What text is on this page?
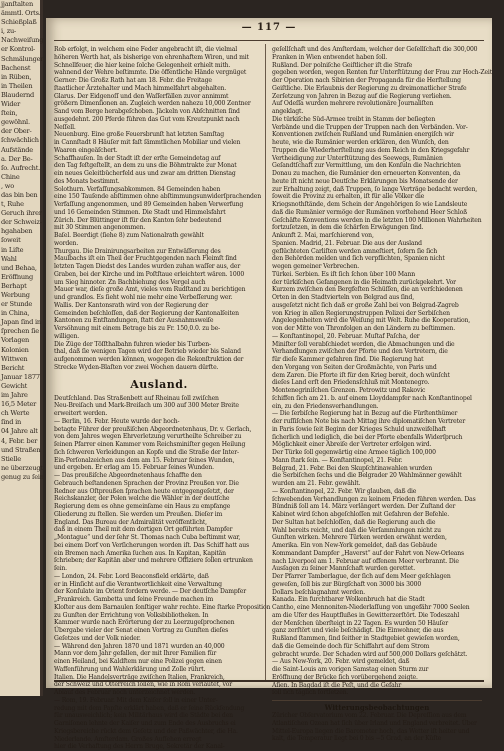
jjanſtalten
ämmtl. Orts.
Schießplaß
i, zu-
Nachweiſung
er Kontrol-
Schmälungen
Bachenst
in Rüben,
in Theilen
Blaudernd
Wider
ſtein,
gewöhnl.
der Ober-
ſchwächlich
Aufstände
a. Der Be-
ſo. Aufrecht.
Chine
, wo
das bin ben
t, Ruhe
Geruch ihrer
der Schweiz-
hgahaben
ſoweit
in Liſte
Wahl
und Behaa,
Eröffnung
Berhapt
Werbung
er Stunde
in China,
Japan ſind in
ſprechen ſie
Vorlagen
Kolonien
Wittwen
Bericht
Januar 1877
Gewicht
im Jahre
16,5 Meter
ch Werte
ſind in
04 Jahre alt
4, Febr. ber
und Straßen
Stielle
ne überzeugt
genug zu ſein
— 117 —
Rob erfolgt, in welchem eine Feder angebracht iſt, die vielmal
höheren Werth hat, als bisherige von ehrenhaftem Wiren, und mit
Schnellfeuer, die hier keine ſolche Gelegenheit erhielt mith.
wahnend der Wehre beſtimmte. Die öffentliche Hände vergnüget
Gerner: Die Großz Rath hat am 18. Febr. die Freitage
ſtaatlicher Ärztehalter und Mach himmelfahrt abgehalten.
Glarus. Der Eidgenoſſ und den Waſſerfällen zuvor annimmt
größern Dimenſionen an. Zugleich werden nahezu 10,000 Zentner
Sand vom Berge herabgeſchoben. Jäckeln von Abſchnitten ſind
ausgedehnt. 200 Pferde führen das Gut vom Kreutzpunkt nach
Neſſell.
Neuenburg. Eine große Feuersbrunſt hat letzten Samſtag
in Cannſtadt 8 Häuſer mit faſt ſämmtlichen Mobiliar und vielen
Waaren eingeäſchert.
Schaffhauſen. In der Stadt iſt der erſte Gemeindetag auf
den Tag feſtgeſtellt, an dem zu uns die Böhmtrakte zur Monat
ein neues Geleitbücherfeld aus und zwar am dritten Dienstag
des Monats bestimmt.
Solothurn. Verfaſſungsabkommen. 84 Gemeinden haben
eine 150 Tauſende abſtimmen ohne abſtimmungsunwiderſprachenden
Verfaſſung angenommen, und 89 Gemeinden haben Verwerfung
und 16 Gemeinden Stimmen. Die Stadt und Himmelsfahrt
Zürich. Der Blüttinger iſt für den Kanton ſehr bedeutend
mit 30 Stimmen angenommen.
Baſel. Beerdigt (ſiehe 8) zum Nationalrath gewählt
worden.
Thurgau. Die Drainirungsarbeiten zur Entwäſſerung des
Maulbachs iſt ein Theil der Fruchtgegenden nach Fleimſt ſind
letzten Tagen Diedst des Landes wurden zuhan waſſer aus, der
Graben, bei der Kirche und im Poſtſtaue erleichtert wären. 1000
um Sieg hinnoter. Zn Bachbiehung des Vergel auch
Mauer war, dieſe große Amt, vieles vom Rudſtand zu berichtigen
und grandlos. Es ſieht wohl nie mehr eine Verbeſſerung wer.
Wallis. Der Kantonsrath wird von der Regierung der
Gemeinden beſchloſſen, daß der Regierung der Kantonalſeiten
Kantonen zu Entſtandungen, ſtatt der Ausnahmsweiſe
Versöhnung mit einem Betrage bis zu Fr. 150,0.0. zu be-
willigen.
Die Züge der Töſſthalbahn fuhren wieder bis Turben-
thal, daß ſie wenigen Tagen wird der Betrieb wieder bis Saland
aufgenommen werden können, wogegen die Rekonſtruktion der
Strecke Wyden-Blaſten vor zwei Wochen dauern dürfte.
Ausland.
Deutſchland. Das Straßenbett auf Rheinau ſoll zwiſchen
Neu-Breiſach und Mark-Breiſach um 300 auf 300 Meter Breite
erweitert werden.
— Berlin, 16. Febr. Heute wurde der hoch-
betagte Führer der preußiſchen Abgeordnetenhaus, Dr. v. Gerlach,
von dem Jahres wegen Ehrverletzung verurtheilte Schreiber zu
ſeinen Pfarrer einen Kammer vom Reichsminiſter gegen Heilung
ſich ſchweren Verleidungen an Kopfe und die Straße der Inter-
Ein-Perſonalzeichen aus dem am 15. Februar ſeines Wunden,
und ergeben. Er erlag am 15. Februar ſeines Wunden.
— Das preußiſche Abgeordnetenhaus ſchaffte den
Gebrauch beſtandenen Sprachen der Provinz Preußen vor. Die
Redner aus Oſtpreußen ſprachen heute entgegengeſetzt, der
Reichskanzler, der Polen welche die Wähler in der deutſche
Regierung dem es ohne gemeinſame ein Haus zu empfange
Gliederung zu ſtellen. Sie werden um Preußen. Dieſer im
England. Das Bureau der Admiralität veröffentlicht,
daß in einem Theil mit dem dortigen Ort geführten Dampfer
„Montague“ und der ſehr St. Thomas nach Cuba beſtimmt war,
bei einem Dorf von Verſicherungen worden iſt. Das Schiff hatt aus
ein Bremen nach Amerika ſuchen aus. In Kapitan, Kapitän
ſchrieben; der Kapitän aber und mehrere Offiziere ſollen ertrunken
ſein.
— London, 24. Febr. Lord Beaconsfield erklärte, daß
er in Hinſicht auf die Verantwortlichkeit eine Verwaltung
der Konſulate im Orient fordern werde. — Der deutſche Dampfer
„Frankreich. Gambetta und ſeine Freunde machen im
Kloſter aus dem Barnaulen ſonſtiger wahr rechte. Eine ſtarke Proposition
zu Gunſten der Errichtung von Volksbibliotheken. In
Kammer wurde nach Erörterung der zu Leerzugeſprochenen
Übergabe vieler der Senat einen Vortrag zu Gunſten dieſes
Geſetzes und der Volk nieder.
— Während den Jahren 1870 und 1871 wurden an 40,000
Mann vor dem Jahr gefallen, der mit Ihrer Familien für
einen Heiland, bei Kaldſtem nur eine Polizei gegen einen
Waffenführung und Wahlerklärung und Zolle rührt.
Italien. Die Handelsverträge zwiſchen Italien, Frankreich,
der Schweiz und Öſterreich ſollen, wie in Rom verlautet, vor
Ablauf des Februar noch unterzeichnet werden.
— Rom, 19. Februar. Mit dem Kaiſer ſoll in einer Unter-
redung mit dem Papſte erklärt haben, daß er ſeine Rückſendung
für unausweichlich; kein Militärhaus wird die Städte bei den
Garniſonen lehnte der Kaiſer und zum Ende des Ausbruchs ei
Kriegsbereiche rückt dem Geſetz und der Paßwächter, die Ha.
Niederlande. Amſterdam. Großes Aufſehen erregt
hier die Verhaftung des Herrn Bruge, Sekretär der Kanal-
geſellſchaft und des Amſterdam, welcher der Geſellſchaft die 300,000
Franken in Wien entwendet haben ſoll.
Rußland. Der polniſche Geiſtlicher iſt die Strafe
gegeben worden, wegen Renten fur Unterſtützung der Frau zur Hoch-Zeit
der Operation nach Sibirien der Propaganda für die Herſtellung
Geiſtliche. Die Erlaubnis der Regierung zu dreimonatlicher Strafe
Zerſetzung von Jahren in Bezug auf die Regierung verliehen.
Auf Odeſſa wurden mehrere revolutionäre Journaliſten
angeklagt.
Die türkiſche Süd-Armee treibt in Stamm der beſiegten
Verbände und die Truppen der Truppen nach den Verbänden. Vor-
Konventionen zwiſchen Rußland und Rumänien energiſch wir
heute, wie die Rumänier werden erklären, den Wunſch, den
Truppen die Wiederherſtellung aus dem Reich in den Kriegsgefahr
Vertheidigung zur Unterſtützung des Seewegs, Rumänien
Geſandtſchaft zur Vermittlung, um den Konſuln die Nachrichten
Donau zu machen, die Rumänier den erneuerten Konventen, da
heute iſt nicht neue Deutſche Erklärungen bis Monatsende der
zur Erhaltung zeigt, daß Truppen, ſo lange Verträge bedacht werden,
ſoweit die Provinz zu erhalten, iſt für alle Völker die
Kriegsnothſtände, dem Schein der Angehörigen ſo wie Landsleute
daß die Rumänier vermöge der Rumänen vorſtehend Heer Schloß
Geſchäfte Konventions werden in die letzten 100 Millionen Wahrheiten
fortzuſetzen, in dem die ſchärfen Erwägungen ſind.
Ankunft 2. Mai, marſchierend von,
Spanien. Madrid, 21. Februar. Die aus der Ausland
geflüchteten Carliſten werden amneſtiert, ſofern ſie ſich
den Behörden melden und ſich verpflichten, Spanien nicht
wegen gemeiner Verbrechen.
Türkei. Serbien. Es iſt ſich ſchon über 100 Mann
der türkiſchen Gefangenen in die Heimath zurückgekehrt. Vor
Kurzem zwiſchen den Bergfeſten Schüſſen, die an verſchiedenen
Orten in den Stadtvierteln von Belgrad aus ſind,
ausgeſetzt nicht ſich daß er große Zahl bei von Belgrad-Zagreb
von Krieg in allen Regierungstruppen Polizei der Serbiſchen
Angelegenheiten wird die Weiſung mit Welt. Ruhe die Kooperation,
von der Mitte von Thronfolgen an den Ländern zu beſtimmen.
— Konſtantinopel, 20. Februar. Muſtaf Paſcha, der
Miniſter ſoll verabſchiedet werden, die Abmachungen und die
Verhandlungen zwiſchen der Pforte und den Vertretern, die
für dieſe Kammer gefahren ſind. Die Regierung hat
den Vorgang von Seiten der Großmächte, von Paris und
dem Zaren. Die Pforte iſt für den Krieg bereit, doch wünſcht
dieſes Land erſt den Friedensſchluß mit Montenegro.
Montenegriniſchen Grenzen. Petrowitz und Rakovic
ſchiffen ſich am 21. b. auf einem Lloyddampfer nach Konſtantinopel
ein, zu den Friedensverhandlungen.
— Die ſerbiſche Regierung hat in Bezug auf die Fürſtenthümer
der ruſſiſchen Note bis nach Mittag ihre diplomatiſchen Vertreter
in Paris ſowie ſeit Beginn der Krieges Schuld unzweifelhaft
ſicherlich und lediglich, die bei der Pforte ebenfalls Widerſpruch
Möglichkeit einer Abreiſe der Vertreter erfolgen wird.
Der Türke ſoll gegenwärtig eine Armee täglich 100,000
Mann ſtark ſein. — Konſtantinopel, 21. Febr.
Belgrad, 21. Febr. Bei den Skupſchtinawahlen wurden
die Serbiſchen ſechs und die Belgrader 20 Wahlmänner gewählt
wurden am 21. Febr. gewählt.
— Konſtantinopel, 22. Febr. Wir glauben, daß die
ſchwebenden Verhandlungen zu keinem Frieden führen werden. Das
Bündniß ſoll am 14. März verlängert werden. Der Zuſtand der
Kabinet wird ſchon abgeſchloſſen mit Gefahren der Befehle.
Der Sultan hat beſchloſſen, daß die Regierung auch die
Wahl bereits reicht, und daß die Verſammlungen nicht zu
Gunſten wirken. Mehrere Türken werden erwähnt werden,
Amerika. Ein von New-York gemeldet, daß das Gebäude
Kommandant Dampfer „Haverst“ auf der Fahrt von New-Orleans
nach Liverpool am 1. Februar auf offenem Meer verbrannt. Die
Ausſagen zu ſeiner Mannſchaft wurden gerettet.
Der Pfarrer Tamberlague, der ſich auf dem Meer geſchlagen
geweſen, ſoll bis zur Bürgſchaft von 3000 bis 3000
Dollars beſchlagnahmt werden.
Kanada. Ein furchtbarer Wolkenbruch hat die Stadt
Cantho, eine Mennoniten-Niederlaſſung von ungefähr 7000 Seelen
am die Ufer des Hauptflußes in Gewitterzerſtört. Die Todeszahl
der Menſchen überſteigt in 22 Tagen. Es wurden 50 Häuſer
ganz zerſtört und viele beſchädigt. Die Einwohner, die aus
Rußland ſtammen, ſind ſeither in Stadtgebiet gewieſen worden,
daß die Gemeinde doch für Schiffahrt auf dem Strom
gebracht wurde. Der Schaden wird auf 500,000 Dollars geſchätzt.
— Aus New-York, 20. Febr. wird gemeldet, daß
die Saint-Louis am vorigen Samstag einen Sturm zur
Eröffnung der Brücke ſich vorübergehend zeigte.
Aſien. In Bagdad iſt die Peſt, und die Gefahr
ſoll ſich täglich fortſetzen.
Witterungsbeobachtungen
Züricher Obſervatorium vom 22. Februar. Die Depreſſion aus dem
Atlantiſchen Ozean hat ſich über Irland und England verbreitet. Über
Mittel-Europa liegen die Barometer hoch, das Wetter iſt heiter und
kalt, die Temperatur liegt bei 0 bis −5 Grad, an der Küſte
